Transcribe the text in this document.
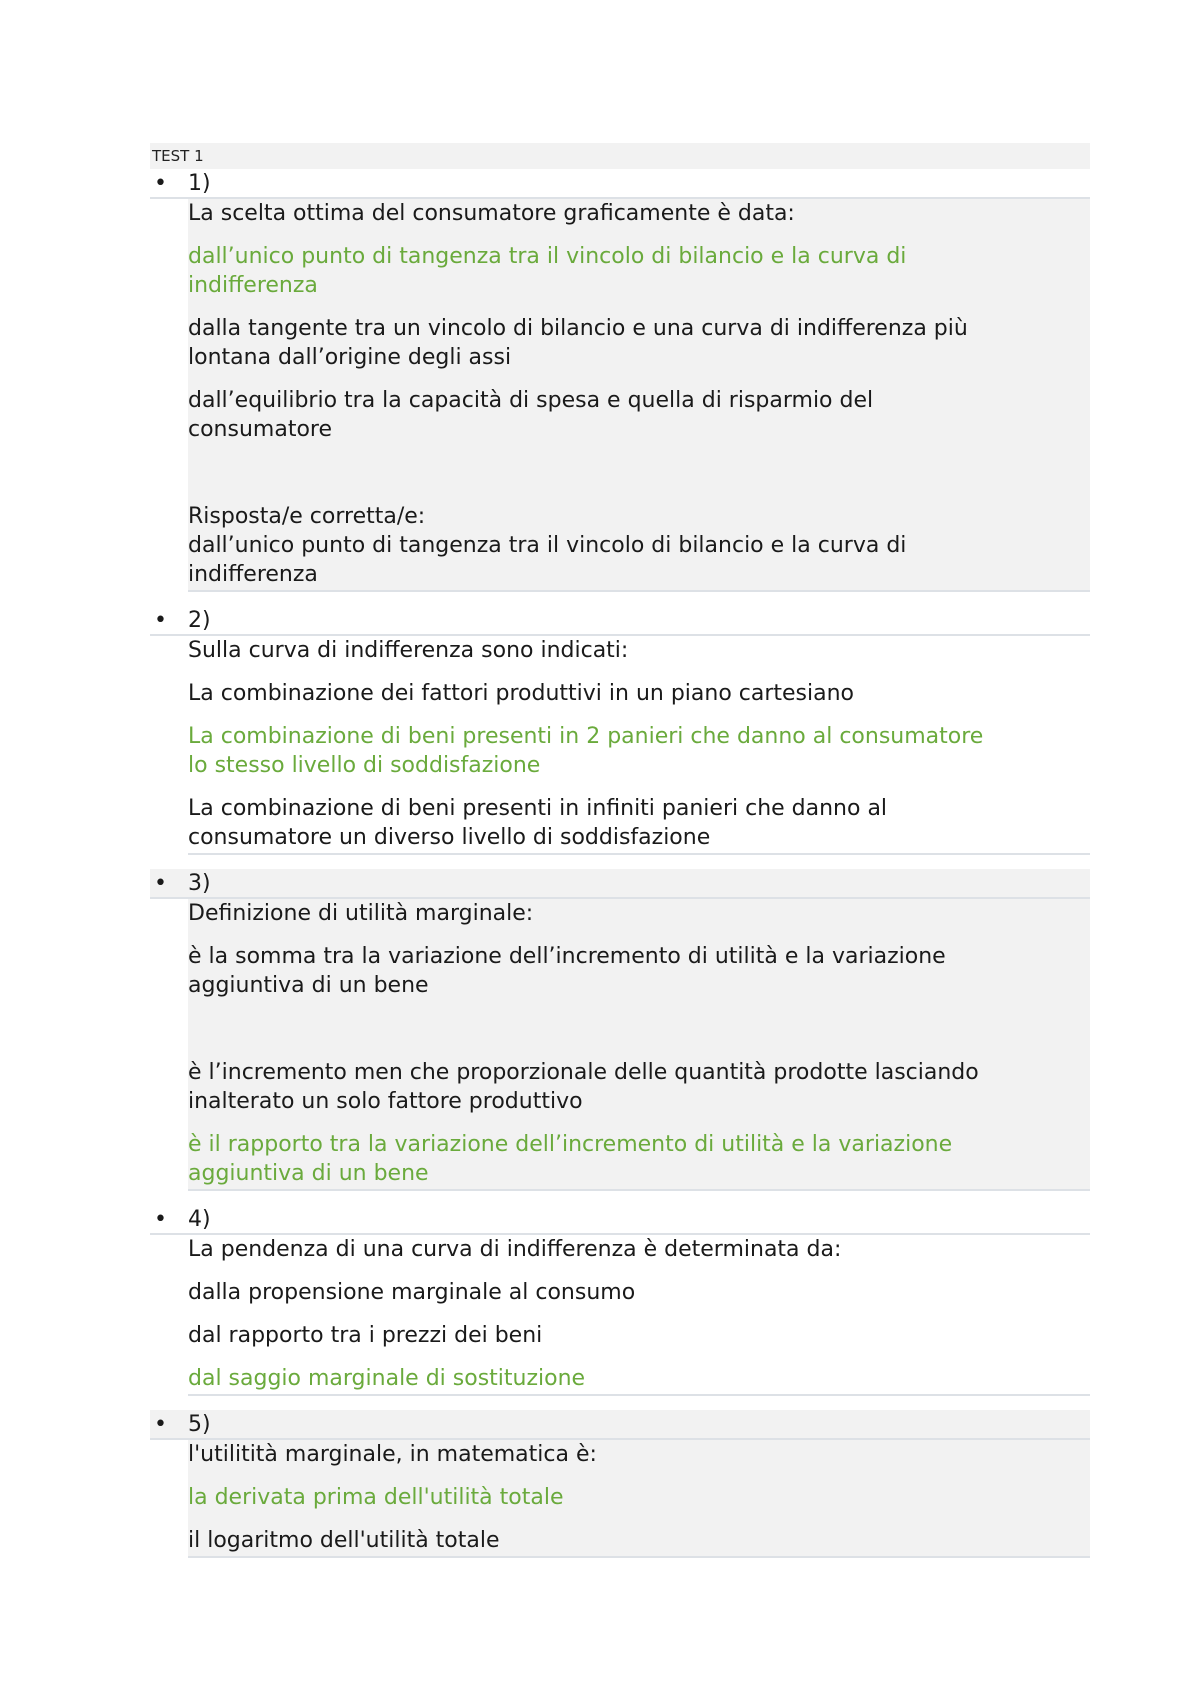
TEST 1
• 1)
La scelta ottima del consumatore graficamente è data:
dall’unico punto di tangenza tra il vincolo di bilancio e la curva di
indifferenza
dalla tangente tra un vincolo di bilancio e una curva di indifferenza più
lontana dall’origine degli assi
dall’equilibrio tra la capacità di spesa e quella di risparmio del
consumatore
Risposta/e corretta/e:
dall’unico punto di tangenza tra il vincolo di bilancio e la curva di
indifferenza
• 2)
Sulla curva di indifferenza sono indicati:
La combinazione dei fattori produttivi in un piano cartesiano
La combinazione di beni presenti in 2 panieri che danno al consumatore
lo stesso livello di soddisfazione
La combinazione di beni presenti in infiniti panieri che danno al
consumatore un diverso livello di soddisfazione
• 3)
Definizione di utilità marginale:
è la somma tra la variazione dell’incremento di utilità e la variazione
aggiuntiva di un bene
è l’incremento men che proporzionale delle quantità prodotte lasciando
inalterato un solo fattore produttivo
è il rapporto tra la variazione dell’incremento di utilità e la variazione
aggiuntiva di un bene
• 4)
La pendenza di una curva di indifferenza è determinata da:
dalla propensione marginale al consumo
dal rapporto tra i prezzi dei beni
dal saggio marginale di sostituzione
• 5)
l'utilitità marginale, in matematica è:
la derivata prima dell'utilità totale
il logaritmo dell'utilità totale
